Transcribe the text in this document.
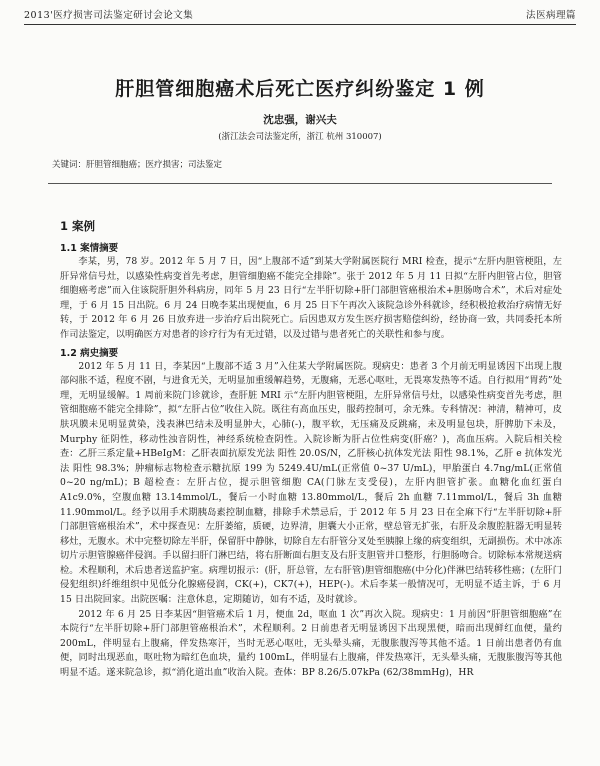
2013'医疗损害司法鉴定研讨会论文集	法医病理篇
肝胆管细胞癌术后死亡医疗纠纷鉴定 1 例
沈忠强，谢兴夫
(浙江法会司法鉴定所，浙江 杭州 310007)
关键词：肝胆管细胞癌；医疗损害；司法鉴定
1 案例
1.1 案情摘要

李某，男，78 岁。2012 年 5 月 7 日，因“上腹部不适”到某大学附属医院行 MRI 检查，提示“左肝内胆管梗阻，左肝异常信号灶，以感染性病变首先考虑，胆管细胞癌不能完全排除”。张于 2012 年 5 月 11 日拟“左肝内胆管占位，胆管细胞癌考虑”而入住该院肝胆外科病房，同年 5 月 23 日行“左半肝切除+肝门部胆管癌根治术+胆肠吻合术”，术后对症处理，于 6 月 15 日出院。6 月 24 日晚李某出现便血，6 月 25 日下午再次入该院急诊外科就诊，经积极抢救治疗病情无好转，于 2012 年 6 月 26 日放弃进一步治疗后出院死亡。后因患双方发生医疗损害赔偿纠纷，经协商一致，共同委托本所作司法鉴定，以明确医方对患者的诊疗行为有无过错，以及过错与患者死亡的关联性和参与度。

1.2 病史摘要

2012 年 5 月 11 日，李某因“上腹部不适 3 月”入住某大学附属医院。现病史：患者 3 个月前无明显诱因下出现上腹部闷胀不适，程度不剧，与进食无关，无明显加重缓解趋势，无腹痛，无恶心呕吐，无畏寒发热等不适。自行拟用“胃药”处理，无明显缓解。1 周前来院门诊就诊，查肝脏 MRI 示“左肝内胆管梗阻，左肝异常信号灶，以感染性病变首先考虑，胆管细胞癌不能完全排除”，拟“左肝占位”收住入院。既往有高血压史，服药控制可，余无殊。专科情况：神清，精神可，皮肤巩膜未见明显黄染，浅表淋巴结未及明显肿大，心肺(-)，腹平软，无压痛及反跳痛，未及明显包块，肝脾肋下未及，Murphy 征阴性，移动性浊音阴性，神经系统检查阴性。入院诊断为肝占位性病变(肝癌？)，高血压病。入院后相关检查：乙肝三系定量+HBeIgM：乙肝表面抗原发光法 阳性 20.0S/N，乙肝核心抗体发光法 阳性 98.1%，乙肝 e 抗体发光法 阳性 98.3%；肿瘤标志物检查示糖抗原 199 为 5249.4U/mL(正常值 0~37 U/mL)，甲胎蛋白 4.7ng/mL(正常值 0~20 ng/mL)；B 超检查：左肝占位，提示胆管细胞 CA(门脉左支受侵)，左肝内胆管扩张。血糖化血红蛋白 A1c9.0%，空腹血糖 13.14mmol/L，餐后一小时血糖 13.80mmol/L，餐后 2h 血糖 7.11mmol/L，餐后 3h 血糖 11.90mmol/L。经予以用手术期胰岛素控制血糖，排除手术禁忌后，于 2012 年 5 月 23 日在全麻下行“左半肝切除+肝门部胆管癌根治术”，术中探查见：左肝萎缩，质硬，边界清，胆囊大小正常，壁总管无扩张，右肝及余腹腔脏器无明显转移灶，无腹水。术中完整切除左半肝，保留肝中静脉，切除自左右肝管分叉处至胰腺上缘的病变组织，无副损伤。术中冰冻切片示胆管腺癌伴侵润。手以留扫肝门淋巴结，将右肝断面右胆支及右肝支胆管并口整形，行胆肠吻合。切除标本常规送病检。术程顺利，术后患者送监护室。病理切报示：(肝，肝总管，左右肝管)胆管细胞癌(中分化)伴淋巴结转移性癌；(左肝门侵犯组织)纤维组织中见低分化腺癌侵润，CK(+)，CK7(+)，HEP(-)。术后李某一般情况可，无明显不适主诉，于 6 月 15 日出院回家。出院医嘱：注意休息，定期随访，如有不适，及时就诊。

2012 年 6 月 25 日李某因“胆管癌术后 1 月，便血 2d，呕血 1 次”再次入院。现病史：1 月前因“肝胆管细胞癌”在本院行“左半肝切除+肝门部胆管癌根治术”，术程顺利。2 日前患者无明显诱因下出现黑便，暗而出现鲜红血便，量约 200mL，伴明显右上腹痛，伴发热寒汗，当时无恶心呕吐，无头晕头痛，无腹胀腹泻等其他不适。1 日前出患者仍有血便，同时出现恶血，呕吐物为暗红色血块，量约 100mL，伴明显右上腹痛，伴发热寒汗，无头晕头痛，无腹胀腹泻等其他明显不适。遂来院急诊，拟“消化道出血”收治入院。查体：BP 8.26/5.07kPa (62/38mmHg)，HR
